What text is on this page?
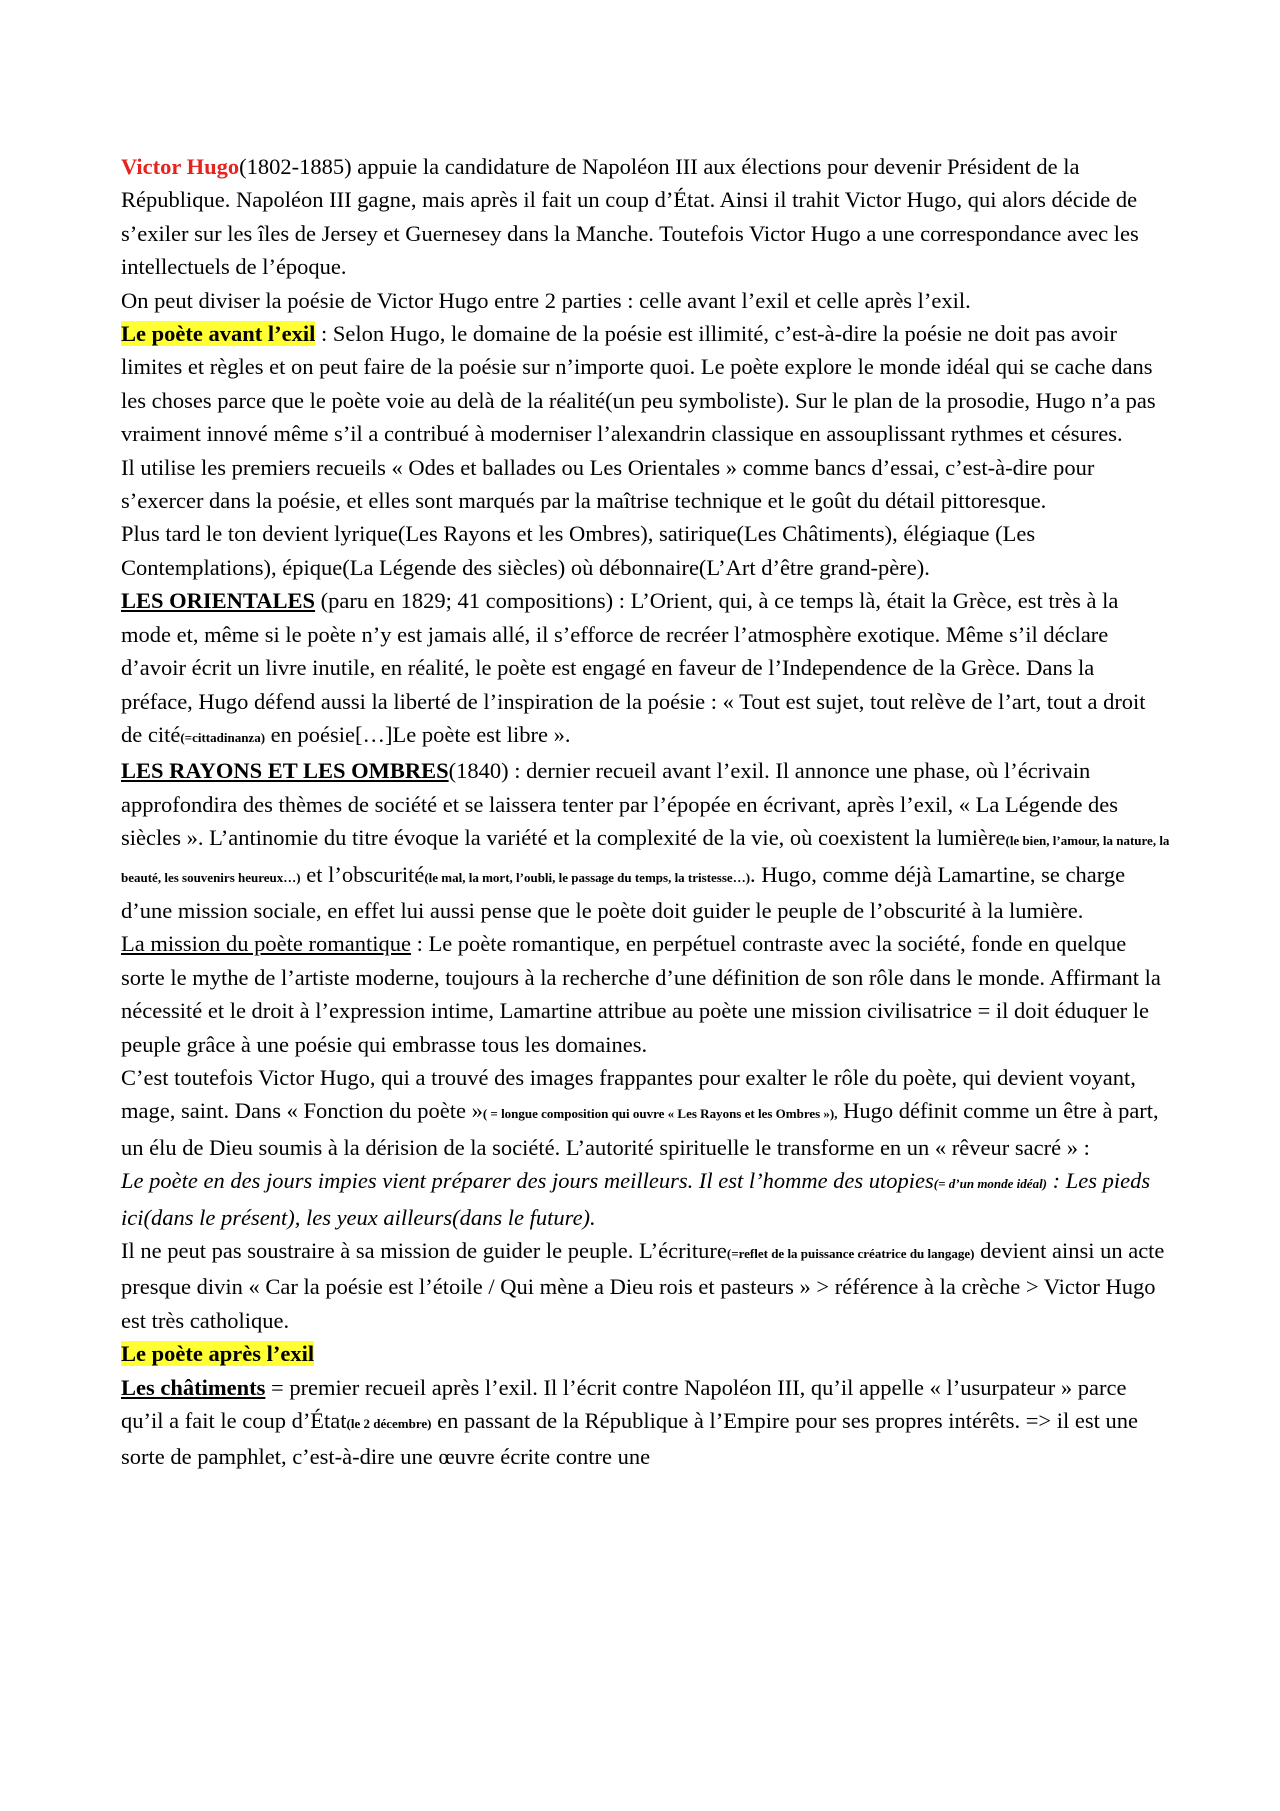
Victor Hugo(1802-1885) appuie la candidature de Napoléon III aux élections pour devenir Président de la République. Napoléon III gagne, mais après il fait un coup d’État. Ainsi il trahit Victor Hugo, qui alors décide de s’exiler sur les îles de Jersey et Guernesey dans la Manche. Toutefois Victor Hugo a une correspondance avec les intellectuels de l’époque.

On peut diviser la poésie de Victor Hugo entre 2 parties : celle avant l’exil et celle après l’exil.

Le poète avant l’exil : Selon Hugo, le domaine de la poésie est illimité, c’est-à-dire la poésie ne doit pas avoir limites et règles et on peut faire de la poésie sur n’importe quoi. Le poète explore le monde idéal qui se cache dans les choses parce que le poète voie au delà de la réalité(un peu symboliste). Sur le plan de la prosodie, Hugo n’a pas vraiment innové même s’il a contribué à moderniser l’alexandrin classique en assouplissant rythmes et césures.

Il utilise les premiers recueils « Odes et ballades ou Les Orientales » comme bancs d’essai, c’est-à-dire pour s’exercer dans la poésie, et elles sont marqués par la maîtrise technique et le goût du détail pittoresque.

Plus tard le ton devient lyrique(Les Rayons et les Ombres), satirique(Les Châtiments), élégiaque (Les Contemplations), épique(La Légende des siècles) où débonnaire(L’Art d’être grand-père).

LES ORIENTALES (paru en 1829; 41 compositions) : L’Orient, qui, à ce temps là, était la Grèce, est très à la mode et, même si le poète n’y est jamais allé, il s’efforce de recréer l’atmosphère exotique. Même s’il déclare d’avoir écrit un livre inutile, en réalité, le poète est engagé en faveur de l’Independence de la Grèce. Dans la préface, Hugo défend aussi la liberté de l’inspiration de la poésie : « Tout est sujet, tout relève de l’art, tout a droit de cité(=cittadinanza) en poésie[…]Le poète est libre ».

LES RAYONS ET LES OMBRES(1840) : dernier recueil avant l’exil. Il annonce une phase, où l’écrivain approfondira des thèmes de société et se laissera tenter par l’épopée en écrivant, après l’exil, « La Légende des siècles ». L’antinomie du titre évoque la variété et la complexité de la vie, où coexistent la lumière(le bien, l’amour, la nature, la beauté, les souvenirs heureux…) et l’obscurité(le mal, la mort, l’oubli, le passage du temps, la tristesse…). Hugo, comme déjà Lamartine, se charge d’une mission sociale, en effet lui aussi pense que le poète doit guider le peuple de l’obscurité à la lumière.

La mission du poète romantique : Le poète romantique, en perpétuel contraste avec la société, fonde en quelque sorte le mythe de l’artiste moderne, toujours à la recherche d’une définition de son rôle dans le monde. Affirmant la nécessité et le droit à l’expression intime, Lamartine attribue au poète une mission civilisatrice = il doit éduquer le peuple grâce à une poésie qui embrasse tous les domaines.

C’est toutefois Victor Hugo, qui a trouvé des images frappantes pour exalter le rôle du poète, qui devient voyant, mage, saint. Dans « Fonction du poète »( = longue composition qui ouvre « Les Rayons et les Ombres »), Hugo définit comme un être à part, un élu de Dieu soumis à la dérision de la société. L’autorité spirituelle le transforme en un « rêveur sacré » :

Le poète en des jours impies vient préparer des jours meilleurs. Il est l’homme des utopies(= d’un monde idéal) : Les pieds ici(dans le présent), les yeux ailleurs(dans le future).

Il ne peut pas soustraire à sa mission de guider le peuple. L’écriture(=reflet de la puissance créatrice du langage) devient ainsi un acte presque divin « Car la poésie est l’étoile / Qui mène a Dieu rois et pasteurs » > référence à la crèche > Victor Hugo est très catholique.

Le poète après l’exil

Les châtiments = premier recueil après l’exil. Il l’écrit contre Napoléon III, qu’il appelle « l’usurpateur » parce qu’il a fait le coup d’État(le 2 décembre) en passant de la République à l’Empire pour ses propres intérêts. => il est une sorte de pamphlet, c’est-à-dire une œuvre écrite contre une
